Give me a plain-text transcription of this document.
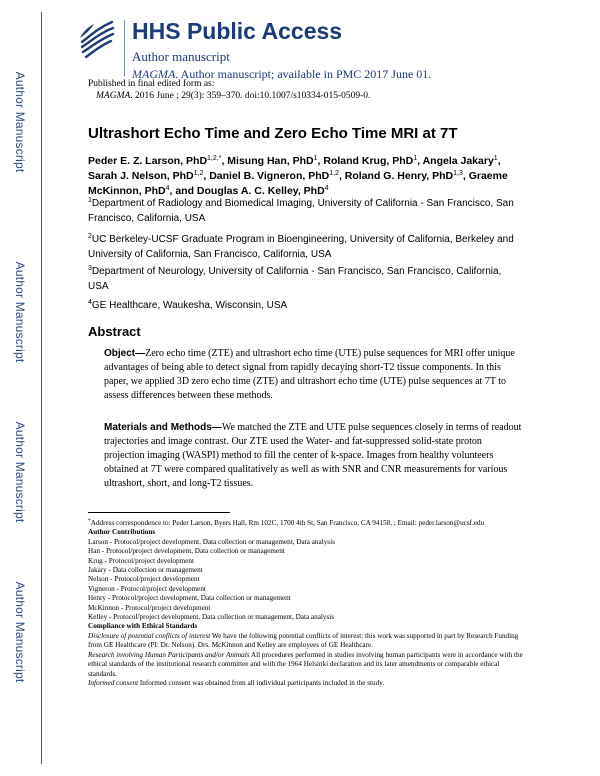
Author Manuscript
Author Manuscript
Author Manuscript
Author Manuscript
HHS Public Access
Author manuscript
MAGMA. Author manuscript; available in PMC 2017 June 01.
Published in final edited form as:
MAGMA. 2016 June ; 29(3): 359–370. doi:10.1007/s10334-015-0509-0.
Ultrashort Echo Time and Zero Echo Time MRI at 7T
Peder E. Z. Larson, PhD$^{1,2,*}$, Misung Han, PhD$^1$, Roland Krug, PhD$^1$, Angela Jakary$^1$, Sarah J. Nelson, PhD$^{1,2}$, Daniel B. Vigneron, PhD$^{1,2}$, Roland G. Henry, PhD$^{1,3}$, Graeme McKinnon, PhD$^4$, and Douglas A. C. Kelley, PhD$^4$
$^1$Department of Radiology and Biomedical Imaging, University of California - San Francisco, San Francisco, California, USA
$^2$UC Berkeley-UCSF Graduate Program in Bioengineering, University of California, Berkeley and University of California, San Francisco, California, USA
$^3$Department of Neurology, University of California - San Francisco, San Francisco, California, USA
$^4$GE Healthcare, Waukesha, Wisconsin, USA
Abstract
Object—Zero echo time (ZTE) and ultrashort echo time (UTE) pulse sequences for MRI offer unique advantages of being able to detect signal from rapidly decaying short-T2 tissue components. In this paper, we applied 3D zero echo time (ZTE) and ultrashort echo time (UTE) pulse sequences at 7T to assess differences between these methods.
Materials and Methods—We matched the ZTE and UTE pulse sequences closely in terms of readout trajectories and image contrast. Our ZTE used the Water- and fat-suppressed solid-state proton projection imaging (WASPI) method to fill the center of k-space. Images from healthy volunteers obtained at 7T were compared qualitatively as well as with SNR and CNR measurements for various ultrashort, short, and long-T2 tissues.
*Address correspondence to: Peder Larson, Byers Hall, Rm 102C, 1700 4th St, San Francisco, CA 94158, ; Email: peder.larson@ucsf.edu
Author Contributions
Larson - Protocol/project development, Data collection or management, Data analysis
Han - Protocol/project development, Data collection or management
Krug - Protocol/project development
Jakary - Data collection or management
Nelson - Protocol/project development
Vigneron - Protocol/project development
Henry - Protocol/project development, Data collection or management
McKinnon - Protocol/project development
Kelley - Protocol/project development, Data collection or management, Data analysis
Compliance with Ethical Standards
Disclosure of potential conflicts of interest We have the following potential conflicts of interest: this work was supported in part by Research Funding from GE Healthcare (PI: Dr. Nelson). Drs. McKinnon and Kelley are employees of GE Healthcare.
Research involving Human Participants and/or Animals All procedures performed in studies involving human participants were in accordance with the ethical standards of the institutional research committee and with the 1964 Helsinki declaration and its later amendments or comparable ethical standards.
Informed consent Informed consent was obtained from all individual participants included in the study.
